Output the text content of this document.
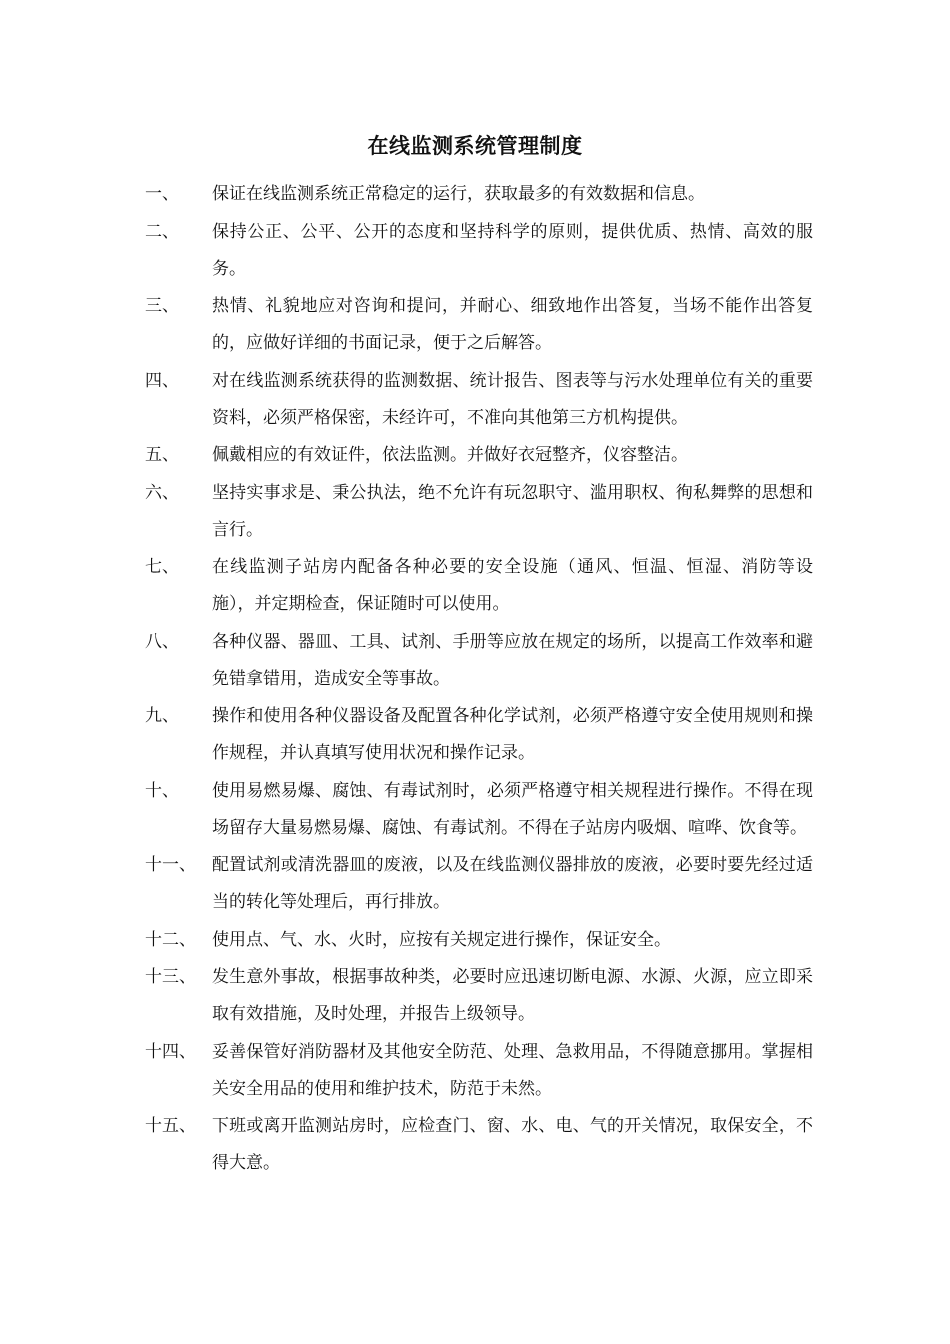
在线监测系统管理制度
一、 保证在线监测系统正常稳定的运行，获取最多的有效数据和信息。
二、 保持公正、公平、公开的态度和坚持科学的原则，提供优质、热情、高效的服务。
三、 热情、礼貌地应对咨询和提问，并耐心、细致地作出答复，当场不能作出答复的，应做好详细的书面记录，便于之后解答。
四、 对在线监测系统获得的监测数据、统计报告、图表等与污水处理单位有关的重要资料，必须严格保密，未经许可，不准向其他第三方机构提供。
五、 佩戴相应的有效证件，依法监测。并做好衣冠整齐，仪容整洁。
六、 坚持实事求是、秉公执法，绝不允许有玩忽职守、滥用职权、徇私舞弊的思想和言行。
七、 在线监测子站房内配备各种必要的安全设施（通风、恒温、恒湿、消防等设施），并定期检查，保证随时可以使用。
八、 各种仪器、器皿、工具、试剂、手册等应放在规定的场所，以提高工作效率和避免错拿错用，造成安全等事故。
九、 操作和使用各种仪器设备及配置各种化学试剂，必须严格遵守安全使用规则和操作规程，并认真填写使用状况和操作记录。
十、 使用易燃易爆、腐蚀、有毒试剂时，必须严格遵守相关规程进行操作。不得在现场留存大量易燃易爆、腐蚀、有毒试剂。不得在子站房内吸烟、喧哗、饮食等。
十一、 配置试剂或清洗器皿的废液，以及在线监测仪器排放的废液，必要时要先经过适当的转化等处理后，再行排放。
十二、 使用点、气、水、火时，应按有关规定进行操作，保证安全。
十三、 发生意外事故，根据事故种类，必要时应迅速切断电源、水源、火源，应立即采取有效措施，及时处理，并报告上级领导。
十四、 妥善保管好消防器材及其他安全防范、处理、急救用品，不得随意挪用。掌握相关安全用品的使用和维护技术，防范于未然。
十五、 下班或离开监测站房时，应检查门、窗、水、电、气的开关情况，取保安全，不得大意。
